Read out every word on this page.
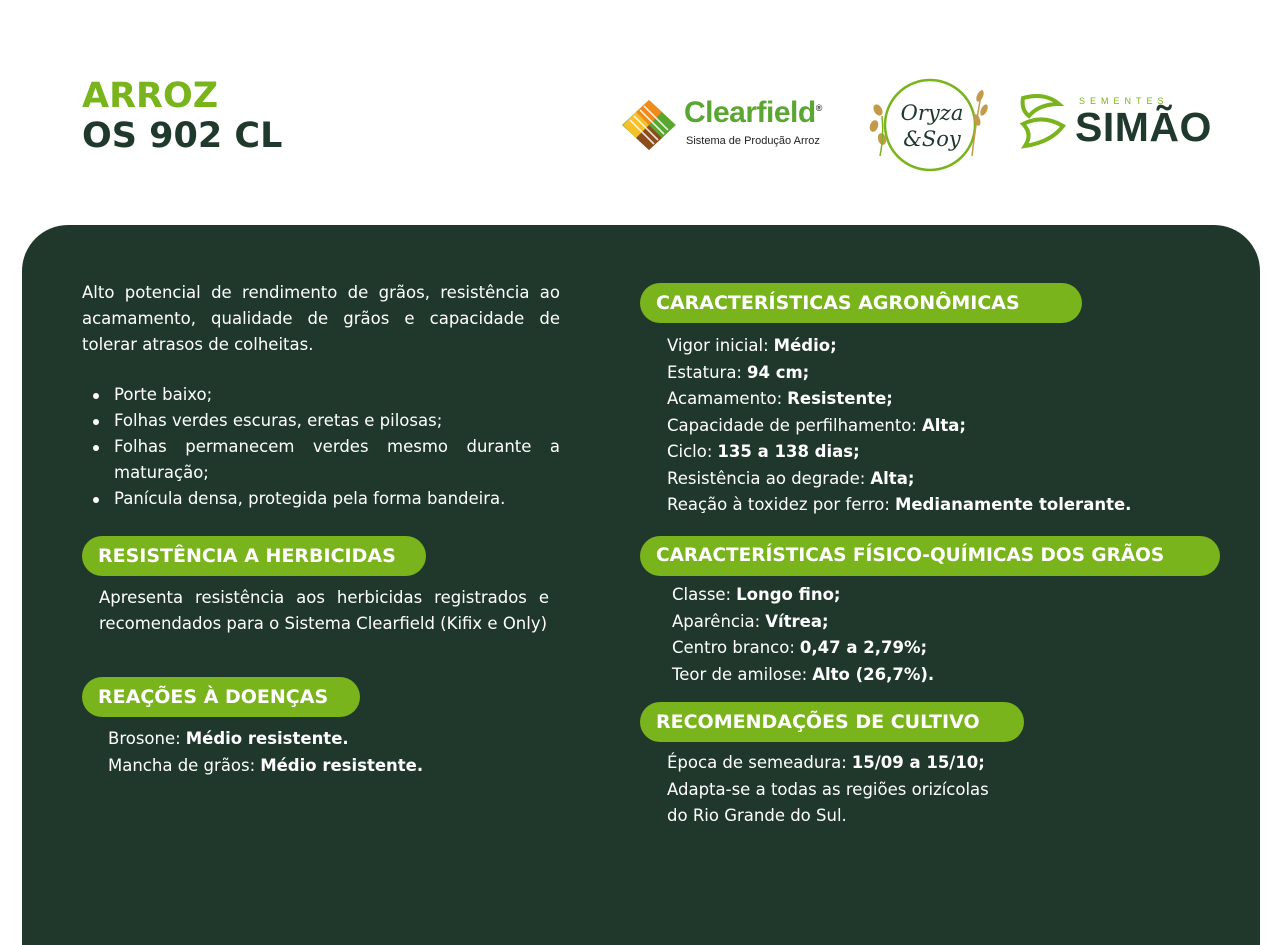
ARROZ
OS 902 CL
Clearfield®
Sistema de Produção Arroz
Oryza
&Soy
SEMENTES
SIMÃO
Alto potencial de rendimento de grãos, resistência ao acamamento, qualidade de grãos e capacidade de tolerar atrasos de colheitas.
Porte baixo;
Folhas verdes escuras, eretas e pilosas;
Folhas permanecem verdes mesmo durante a maturação;
Panícula densa, protegida pela forma bandeira.
RESISTÊNCIA A HERBICIDAS
Apresenta resistência aos herbicidas registrados e recomendados para o Sistema Clearfield (Kifix e Only)
REAÇÕES À DOENÇAS
Brosone: Médio resistente.
Mancha de grãos: Médio resistente.
CARACTERÍSTICAS AGRONÔMICAS
Vigor inicial: Médio;
Estatura: 94 cm;
Acamamento: Resistente;
Capacidade de perfilhamento: Alta;
Ciclo: 135 a 138 dias;
Resistência ao degrade: Alta;
Reação à toxidez por ferro: Medianamente tolerante.
CARACTERÍSTICAS FÍSICO-QUÍMICAS DOS GRÃOS
Classe: Longo fino;
Aparência: Vítrea;
Centro branco: 0,47 a 2,79%;
Teor de amilose: Alto (26,7%).
RECOMENDAÇÕES DE CULTIVO
Época de semeadura: 15/09 a 15/10;
Adapta-se a todas as regiões orizícolas
do Rio Grande do Sul.
